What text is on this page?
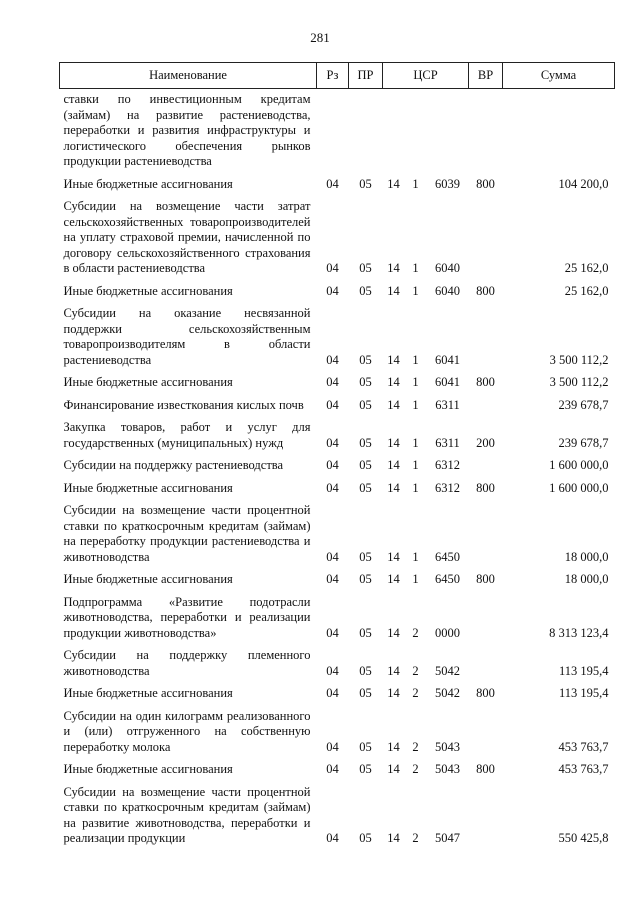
281
Наименование	Рз	ПР	ЦСР			ВР	Сумма
ставки по инвестиционным кредитам (займам) на развитие растениеводства, переработки и развития инфраструктуры и логистического обеспечения рынков продукции растениеводства							
Иные бюджетные ассигнования	04	05	14	1	6039	800	104 200,0
Субсидии на возмещение части затрат сельскохозяйственных товаропроизводителей на уплату страховой премии, начисленной по договору сельскохозяйственного страхования в области растениеводства	04	05	14	1	6040		25 162,0
Иные бюджетные ассигнования	04	05	14	1	6040	800	25 162,0
Субсидии на оказание несвязанной поддержки сельскохозяйственным товаропроизводителям в области растениеводства	04	05	14	1	6041		3 500 112,2
Иные бюджетные ассигнования	04	05	14	1	6041	800	3 500 112,2
Финансирование известкования кислых почв	04	05	14	1	6311		239 678,7
Закупка товаров, работ и услуг для государственных (муниципальных) нужд	04	05	14	1	6311	200	239 678,7
Субсидии на поддержку растениеводства	04	05	14	1	6312		1 600 000,0
Иные бюджетные ассигнования	04	05	14	1	6312	800	1 600 000,0
Субсидии на возмещение части процентной ставки по краткосрочным кредитам (займам) на переработку продукции растениеводства и животноводства	04	05	14	1	6450		18 000,0
Иные бюджетные ассигнования	04	05	14	1	6450	800	18 000,0
Подпрограмма «Развитие подотрасли животноводства, переработки и реализации продукции животноводства»	04	05	14	2	0000		8 313 123,4
Субсидии на поддержку племенного животноводства	04	05	14	2	5042		113 195,4
Иные бюджетные ассигнования	04	05	14	2	5042	800	113 195,4
Субсидии на один килограмм реализованного и (или) отгруженного на собственную переработку молока	04	05	14	2	5043		453 763,7
Иные бюджетные ассигнования	04	05	14	2	5043	800	453 763,7
Субсидии на возмещение части процентной ставки по краткосрочным кредитам (займам) на развитие животноводства, переработки и реализации продукции	04	05	14	2	5047		550 425,8
